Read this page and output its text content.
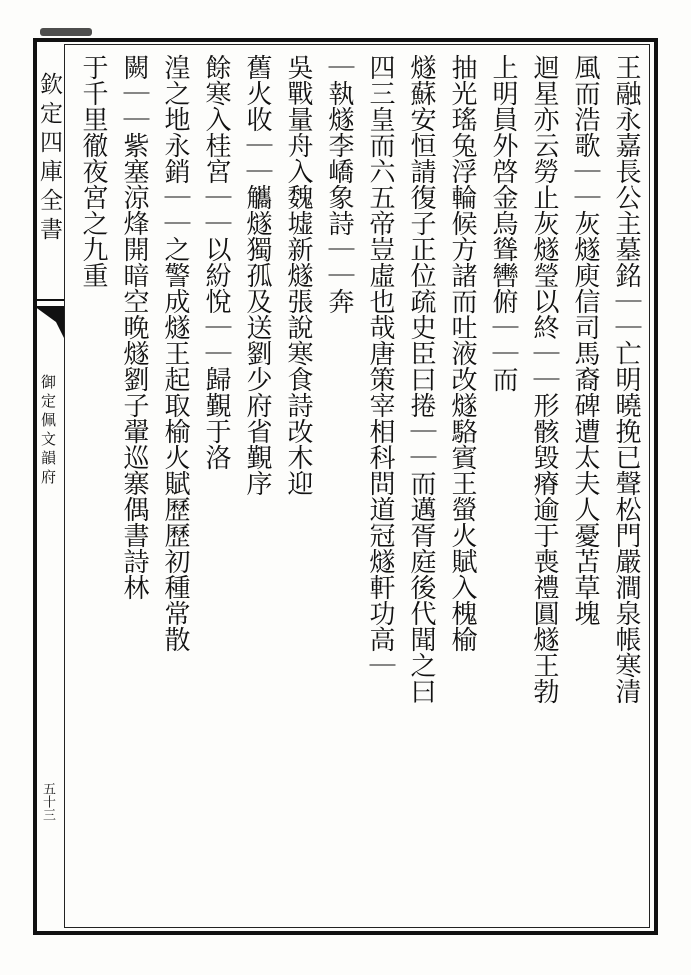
欽定四庫全書
御定佩文韻府
五十三
王融永嘉長公主墓銘｜｜亡明曉挽已聲松門嚴澗泉帳寒清
風而浩歌｜｜灰燧庾信司馬裔碑遭太夫人憂苫草塊
迴星亦云勞止灰燧瑩以終｜｜形骸毀瘠逾于喪禮圓燧王勃
上明員外啓金烏聳轡俯｜｜而
抽光瑤兔浮輪候方諸而吐液改燧駱賓王螢火賦入槐榆
燧蘇安恒請復子正位疏史臣曰捲｜｜而邁胥庭後代聞之曰
四三皇而六五帝豈虛也哉唐策宰相科問道冠燧軒功高｜
｜執燧李嶠象詩｜｜奔
吳戰量舟入魏墟新燧張說寒食詩改木迎
舊火收｜｜觿燧獨孤及送劉少府省覲序
餘寒入桂宮｜｜以紛悅｜｜歸覲于洛
湟之地永銷｜｜之警成燧王起取榆火賦歷歷初種常散
闕｜｜紫塞涼烽開暗空晚燧劉子翬巡寨偶書詩林
于千里徹夜宮之九重
